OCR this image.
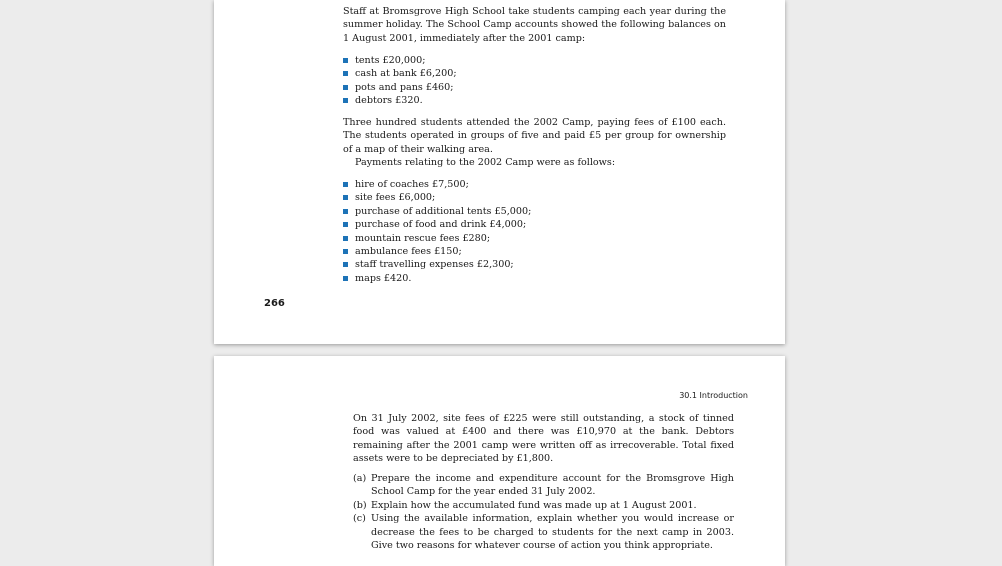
Staff at Bromsgrove High School take students camping each year during the summer holiday. The School Camp accounts showed the following balances on 1 August 2001, immediately after the 2001 camp:

tents £20,000;
cash at bank £6,200;
pots and pans £460;
debtors £320.

Three hundred students attended the 2002 Camp, paying fees of £100 each. The students operated in groups of five and paid £5 per group for ownership of a map of their walking area.

Payments relating to the 2002 Camp were as follows:

hire of coaches £7,500;
site fees £6,000;
purchase of additional tents £5,000;
purchase of food and drink £4,000;
mountain rescue fees £280;
ambulance fees £150;
staff travelling expenses £2,300;
maps £420.
266
30.1 Introduction

On 31 July 2002, site fees of £225 were still outstanding, a stock of tinned food was valued at £400 and there was £10,970 at the bank. Debtors remaining after the 2001 camp were written off as irrecoverable. Total fixed assets were to be depreciated by £1,800.

(a) Prepare the income and expenditure account for the Bromsgrove High School Camp for the year ended 31 July 2002.
(b) Explain how the accumulated fund was made up at 1 August 2001.
(c) Using the available information, explain whether you would increase or decrease the fees to be charged to students for the next camp in 2003. Give two reasons for whatever course of action you think appropriate.
